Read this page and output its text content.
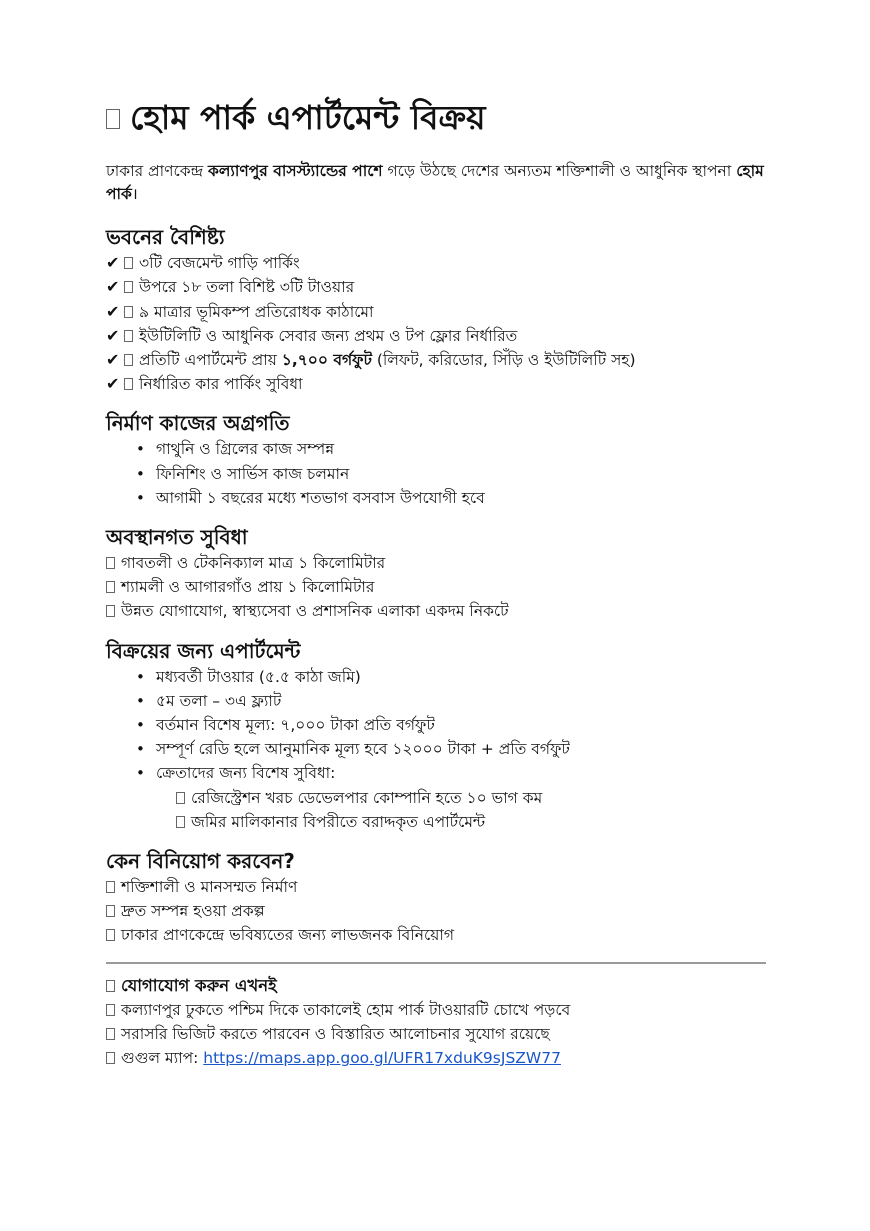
হোম পার্ক এপার্টমেন্ট বিক্রয়

ঢাকার প্রাণকেন্দ্র কল্যাণপুর বাসস্ট্যান্ডের পাশে গড়ে উঠছে দেশের অন্যতম শক্তিশালী ও আধুনিক স্থাপনা হোম পার্ক।

ভবনের বৈশিষ্ট্য
✔ ৩টি বেজমেন্ট গাড়ি পার্কিং
✔ উপরে ১৮ তলা বিশিষ্ট ৩টি টাওয়ার
✔ ৯ মাত্রার ভূমিকম্প প্রতিরোধক কাঠামো
✔ ইউটিলিটি ও আধুনিক সেবার জন্য প্রথম ও টপ ফ্লোর নির্ধারিত
✔ প্রতিটি এপার্টমেন্ট প্রায় ১,৭০০ বর্গফুট (লিফট, করিডোর, সিঁড়ি ও ইউটিলিটি সহ)
✔ নির্ধারিত কার পার্কিং সুবিধা
নির্মাণ কাজের অগ্রগতি
• গাথুনি ও গ্রিলের কাজ সম্পন্ন
• ফিনিশিং ও সার্ভিস কাজ চলমান
• আগামী ১ বছরের মধ্যে শতভাগ বসবাস উপযোগী হবে
অবস্থানগত সুবিধা
গাবতলী ও টেকনিক্যাল মাত্র ১ কিলোমিটার
শ্যামলী ও আগারগাঁও প্রায় ১ কিলোমিটার
উন্নত যোগাযোগ, স্বাস্থ্যসেবা ও প্রশাসনিক এলাকা একদম নিকটে
বিক্রয়ের জন্য এপার্টমেন্ট
• মধ্যবর্তী টাওয়ার (৫.৫ কাঠা জমি)
• ৫ম তলা – ৩এ ফ্ল্যাট
• বর্তমান বিশেষ মূল্য: ৭,০০০ টাকা প্রতি বর্গফুট
• সম্পূর্ণ রেডি হলে আনুমানিক মূল্য হবে ১২০০০ টাকা + প্রতি বর্গফুট
• ক্রেতাদের জন্য বিশেষ সুবিধা:
রেজিস্ট্রেশন খরচ ডেভেলপার কোম্পানি হতে ১০ ভাগ কম
জমির মালিকানার বিপরীতে বরাদ্দকৃত এপার্টমেন্ট
কেন বিনিয়োগ করবেন?
শক্তিশালী ও মানসম্মত নির্মাণ
দ্রুত সম্পন্ন হওয়া প্রকল্প
ঢাকার প্রাণকেন্দ্রে ভবিষ্যতের জন্য লাভজনক বিনিয়োগ
যোগাযোগ করুন এখনই
কল্যাণপুর ঢুকতে পশ্চিম দিকে তাকালেই হোম পার্ক টাওয়ারটি চোখে পড়বে
সরাসরি ভিজিট করতে পারবেন ও বিস্তারিত আলোচনার সুযোগ রয়েছে
গুগুল ম্যাপ: https://maps.app.goo.gl/UFR17xduK9sJSZW77
